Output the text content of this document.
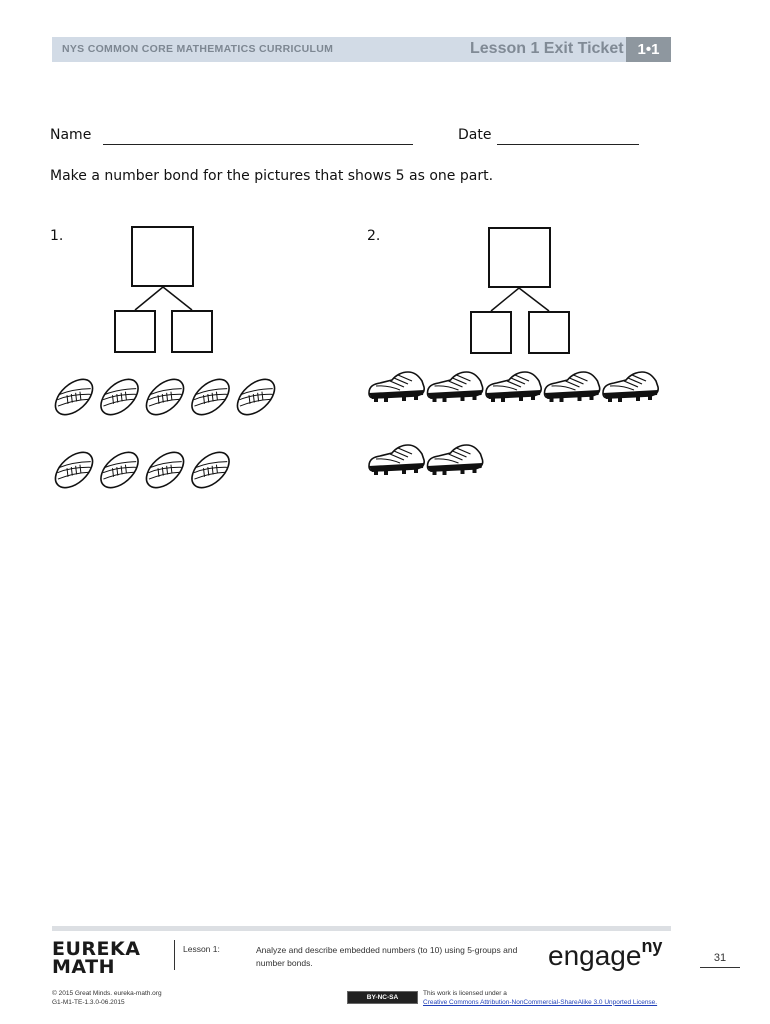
NYS COMMON CORE MATHEMATICS CURRICULUM	Lesson 1 Exit Ticket 1•1
Name	Date
Make a number bond for the pictures that shows 5 as one part.
1.	2.
EUREKA
MATH
Lesson 1:	Analyze and describe embedded numbers (to 10) using 5-groups and number bonds.	engage$^{ny}$
31
© 2015 Great Minds. eureka-math.org
G1-M1-TE-1.3.0-06.2015
BY-NC-SA
This work is licensed under a
Creative Commons Attribution-NonCommercial-ShareAlike 3.0 Unported License.
